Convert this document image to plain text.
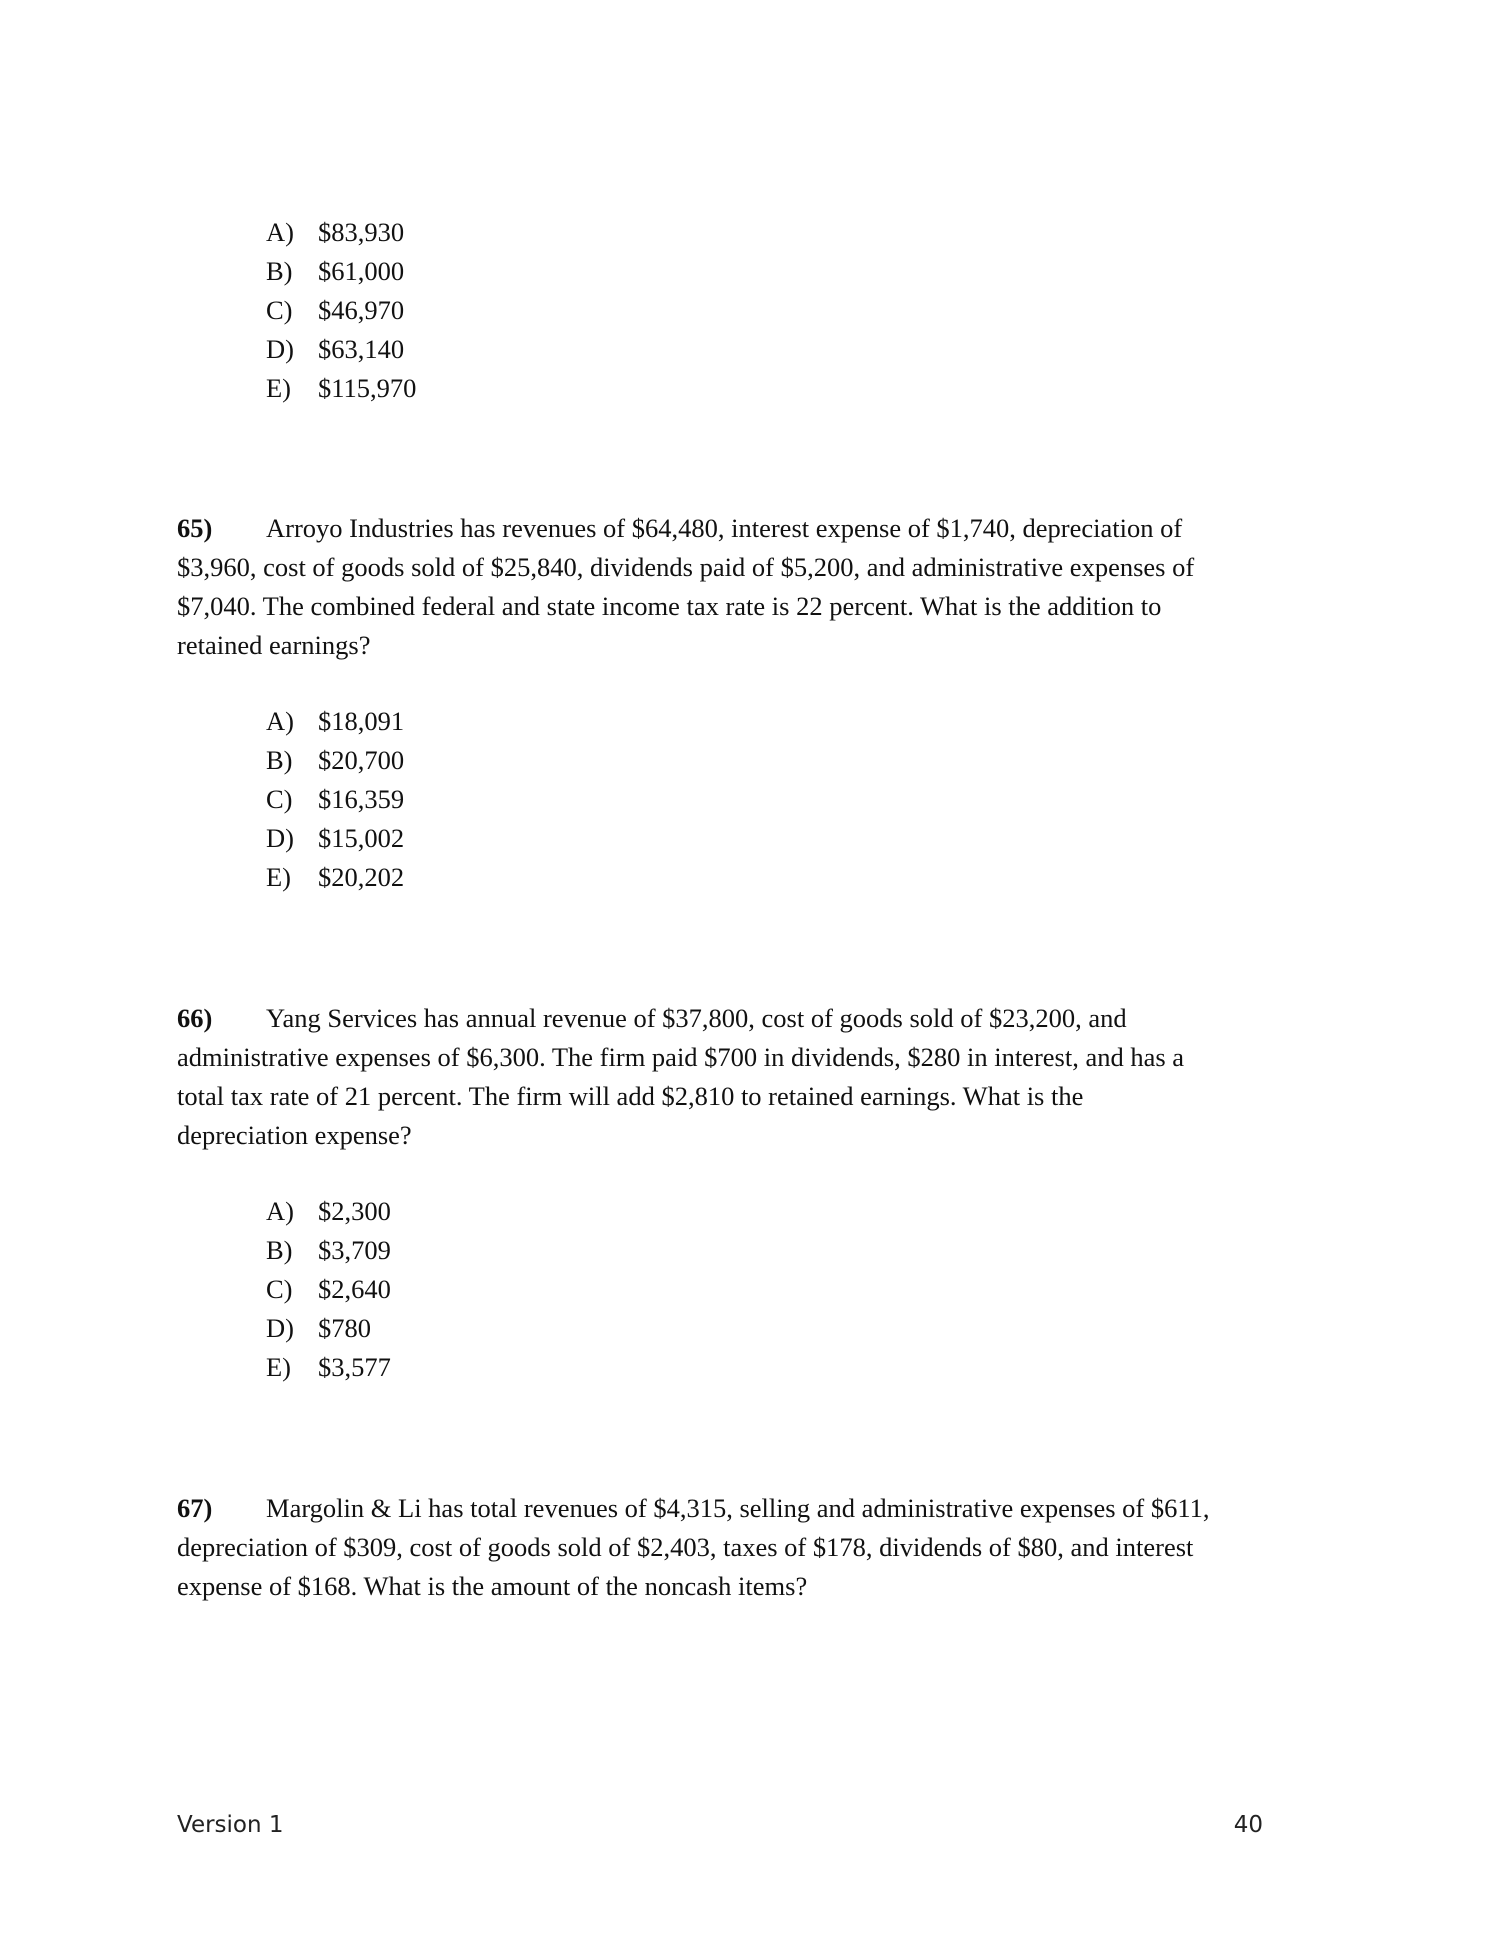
A) $83,930
B) $61,000
C) $46,970
D) $63,140
E) $115,970
65) Arroyo Industries has revenues of $64,480, interest expense of $1,740, depreciation of
$3,960, cost of goods sold of $25,840, dividends paid of $5,200, and administrative expenses of
$7,040. The combined federal and state income tax rate is 22 percent. What is the addition to
retained earnings?
A) $18,091
B) $20,700
C) $16,359
D) $15,002
E) $20,202
66) Yang Services has annual revenue of $37,800, cost of goods sold of $23,200, and
administrative expenses of $6,300. The firm paid $700 in dividends, $280 in interest, and has a
total tax rate of 21 percent. The firm will add $2,810 to retained earnings. What is the
depreciation expense?
A) $2,300
B) $3,709
C) $2,640
D) $780
E) $3,577
67) Margolin & Li has total revenues of $4,315, selling and administrative expenses of $611,
depreciation of $309, cost of goods sold of $2,403, taxes of $178, dividends of $80, and interest
expense of $168. What is the amount of the noncash items?
Version 1	40
